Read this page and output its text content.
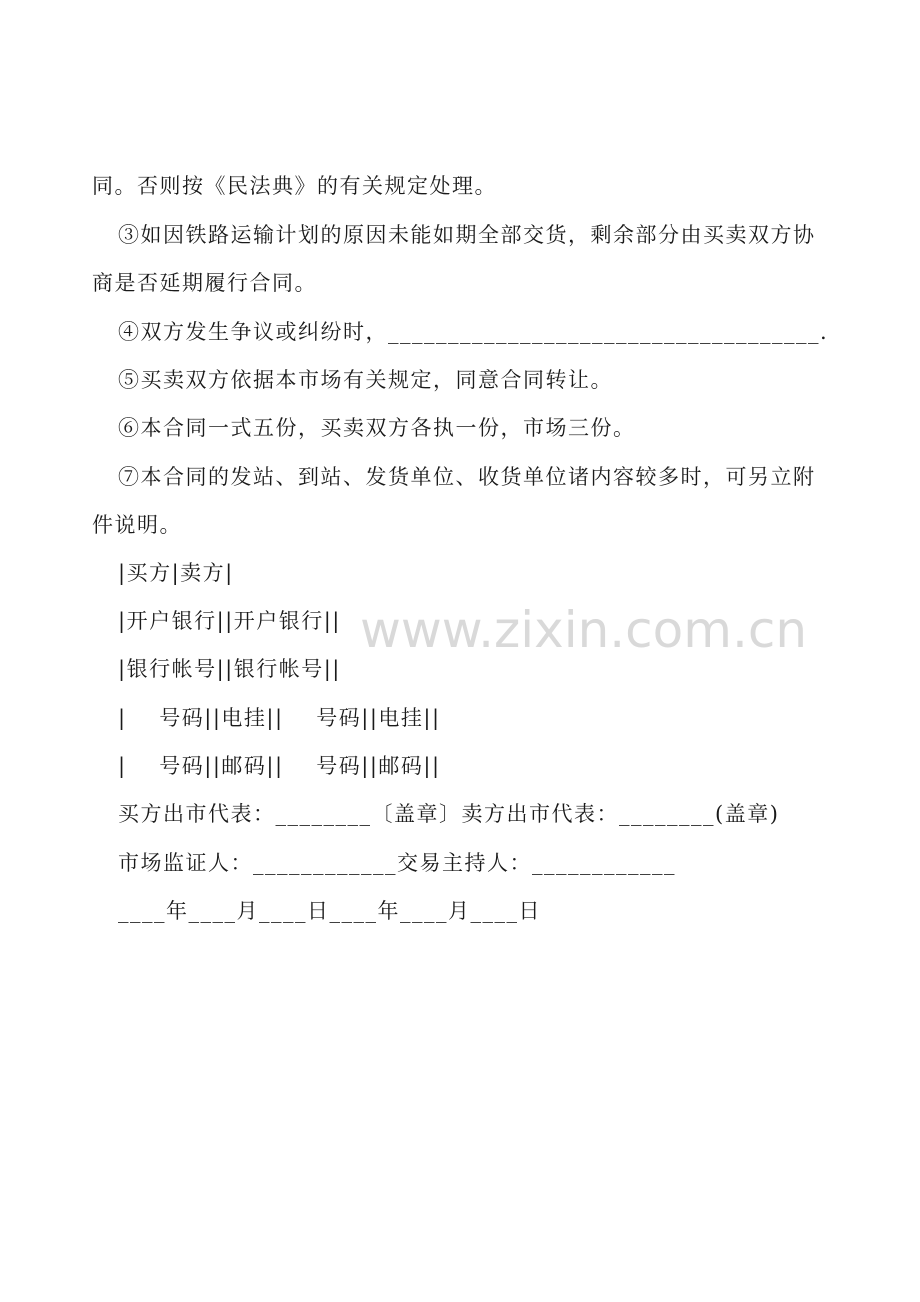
同。否则按《民法典》的有关规定处理。
③如因铁路运输计划的原因未能如期全部交货，剩余部分由买卖双方协
商是否延期履行合同。
④双方发生争议或纠纷时，____________________________________.
⑤买卖双方依据本市场有关规定，同意合同转让。
⑥本合同一式五份，买卖双方各执一份，市场三份。
⑦本合同的发站、到站、发货单位、收货单位诸内容较多时，可另立附
件说明。
|买方|卖方|
|开户银行||开户银行||
|银行帐号||银行帐号||
|    号码||电挂||    号码||电挂||
|    号码||邮码||    号码||邮码||
买方出市代表：________〔盖章〕卖方出市代表：________(盖章)
市场监证人：____________交易主持人：____________
____年____月____日____年____月____日
www.zixin.com.cn
